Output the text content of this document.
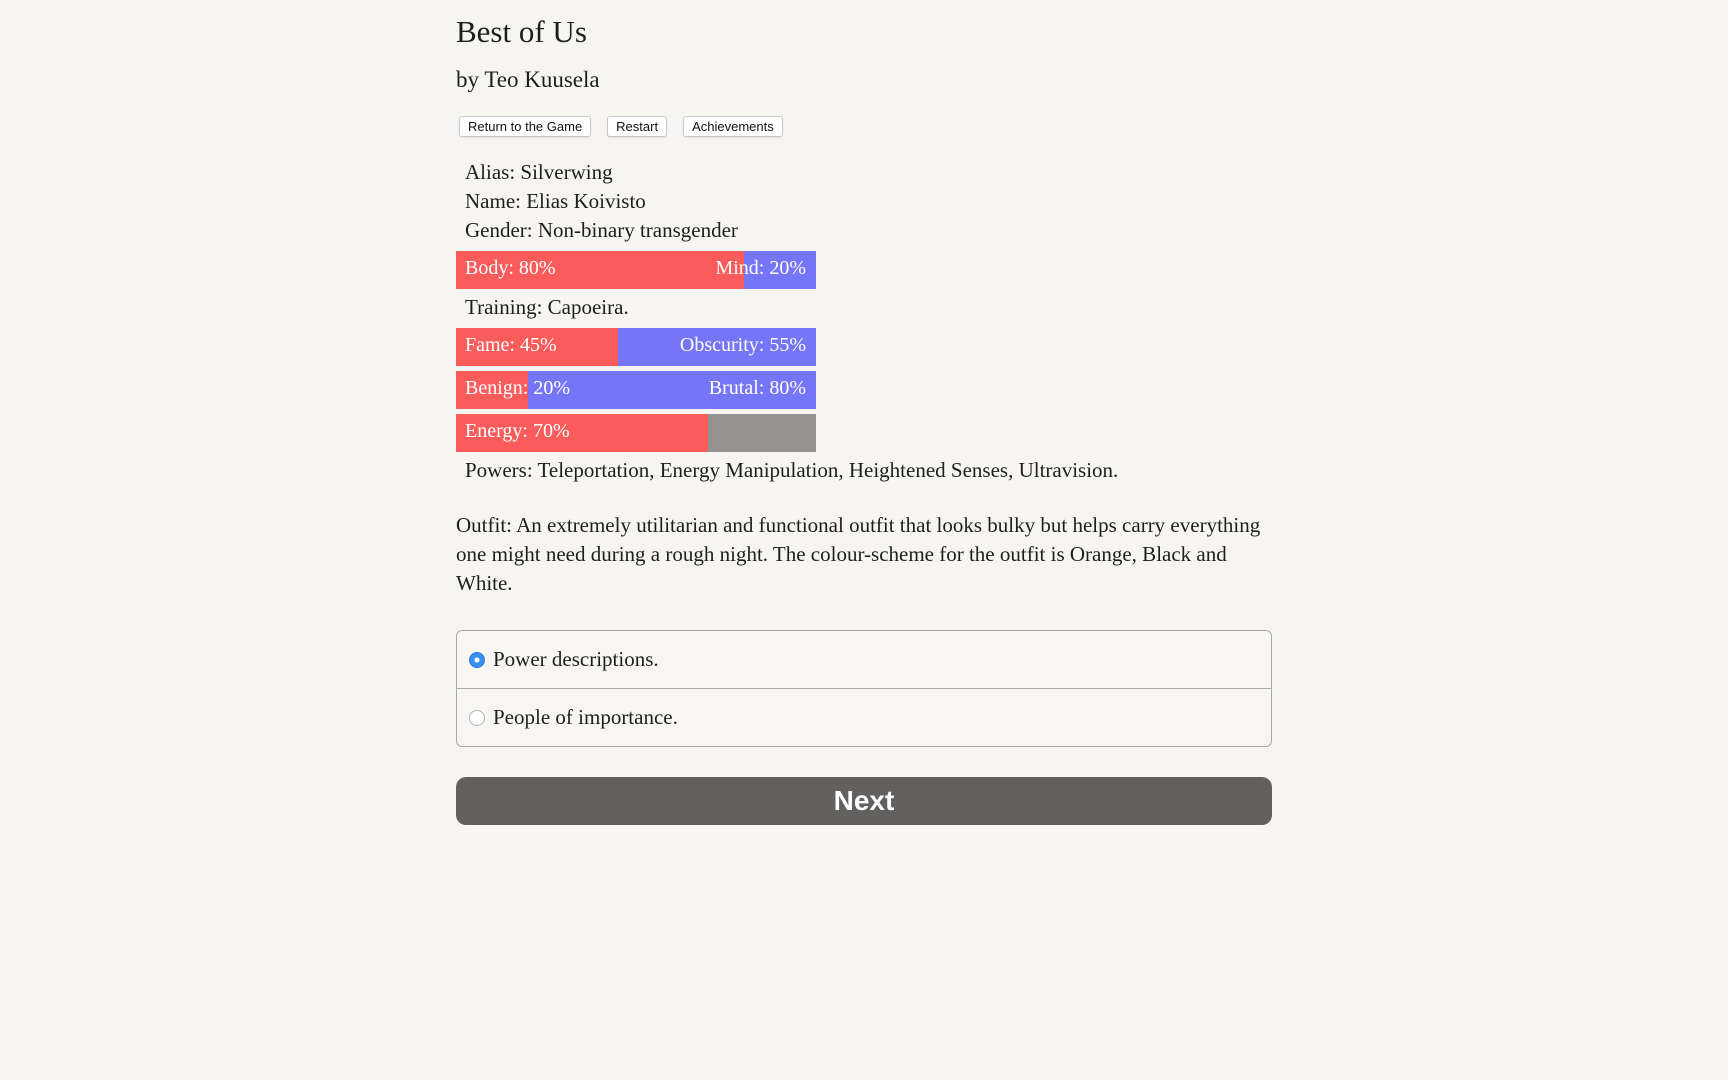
Best of Us
by Teo Kuusela
Return to the Game	Restart	Achievements
Alias: Silverwing
Name: Elias Koivisto
Gender: Non-binary transgender
Body: 80%	Mind: 20%
Training: Capoeira.
Fame: 45%	Obscurity: 55%
Benign: 20%	Brutal: 80%
Energy: 70%
Powers: Teleportation, Energy Manipulation, Heightened Senses, Ultravision.
Outfit: An extremely utilitarian and functional outfit that looks bulky but helps carry everything one might need during a rough night. The colour-scheme for the outfit is Orange, Black and White.
Power descriptions.
People of importance.
Next
